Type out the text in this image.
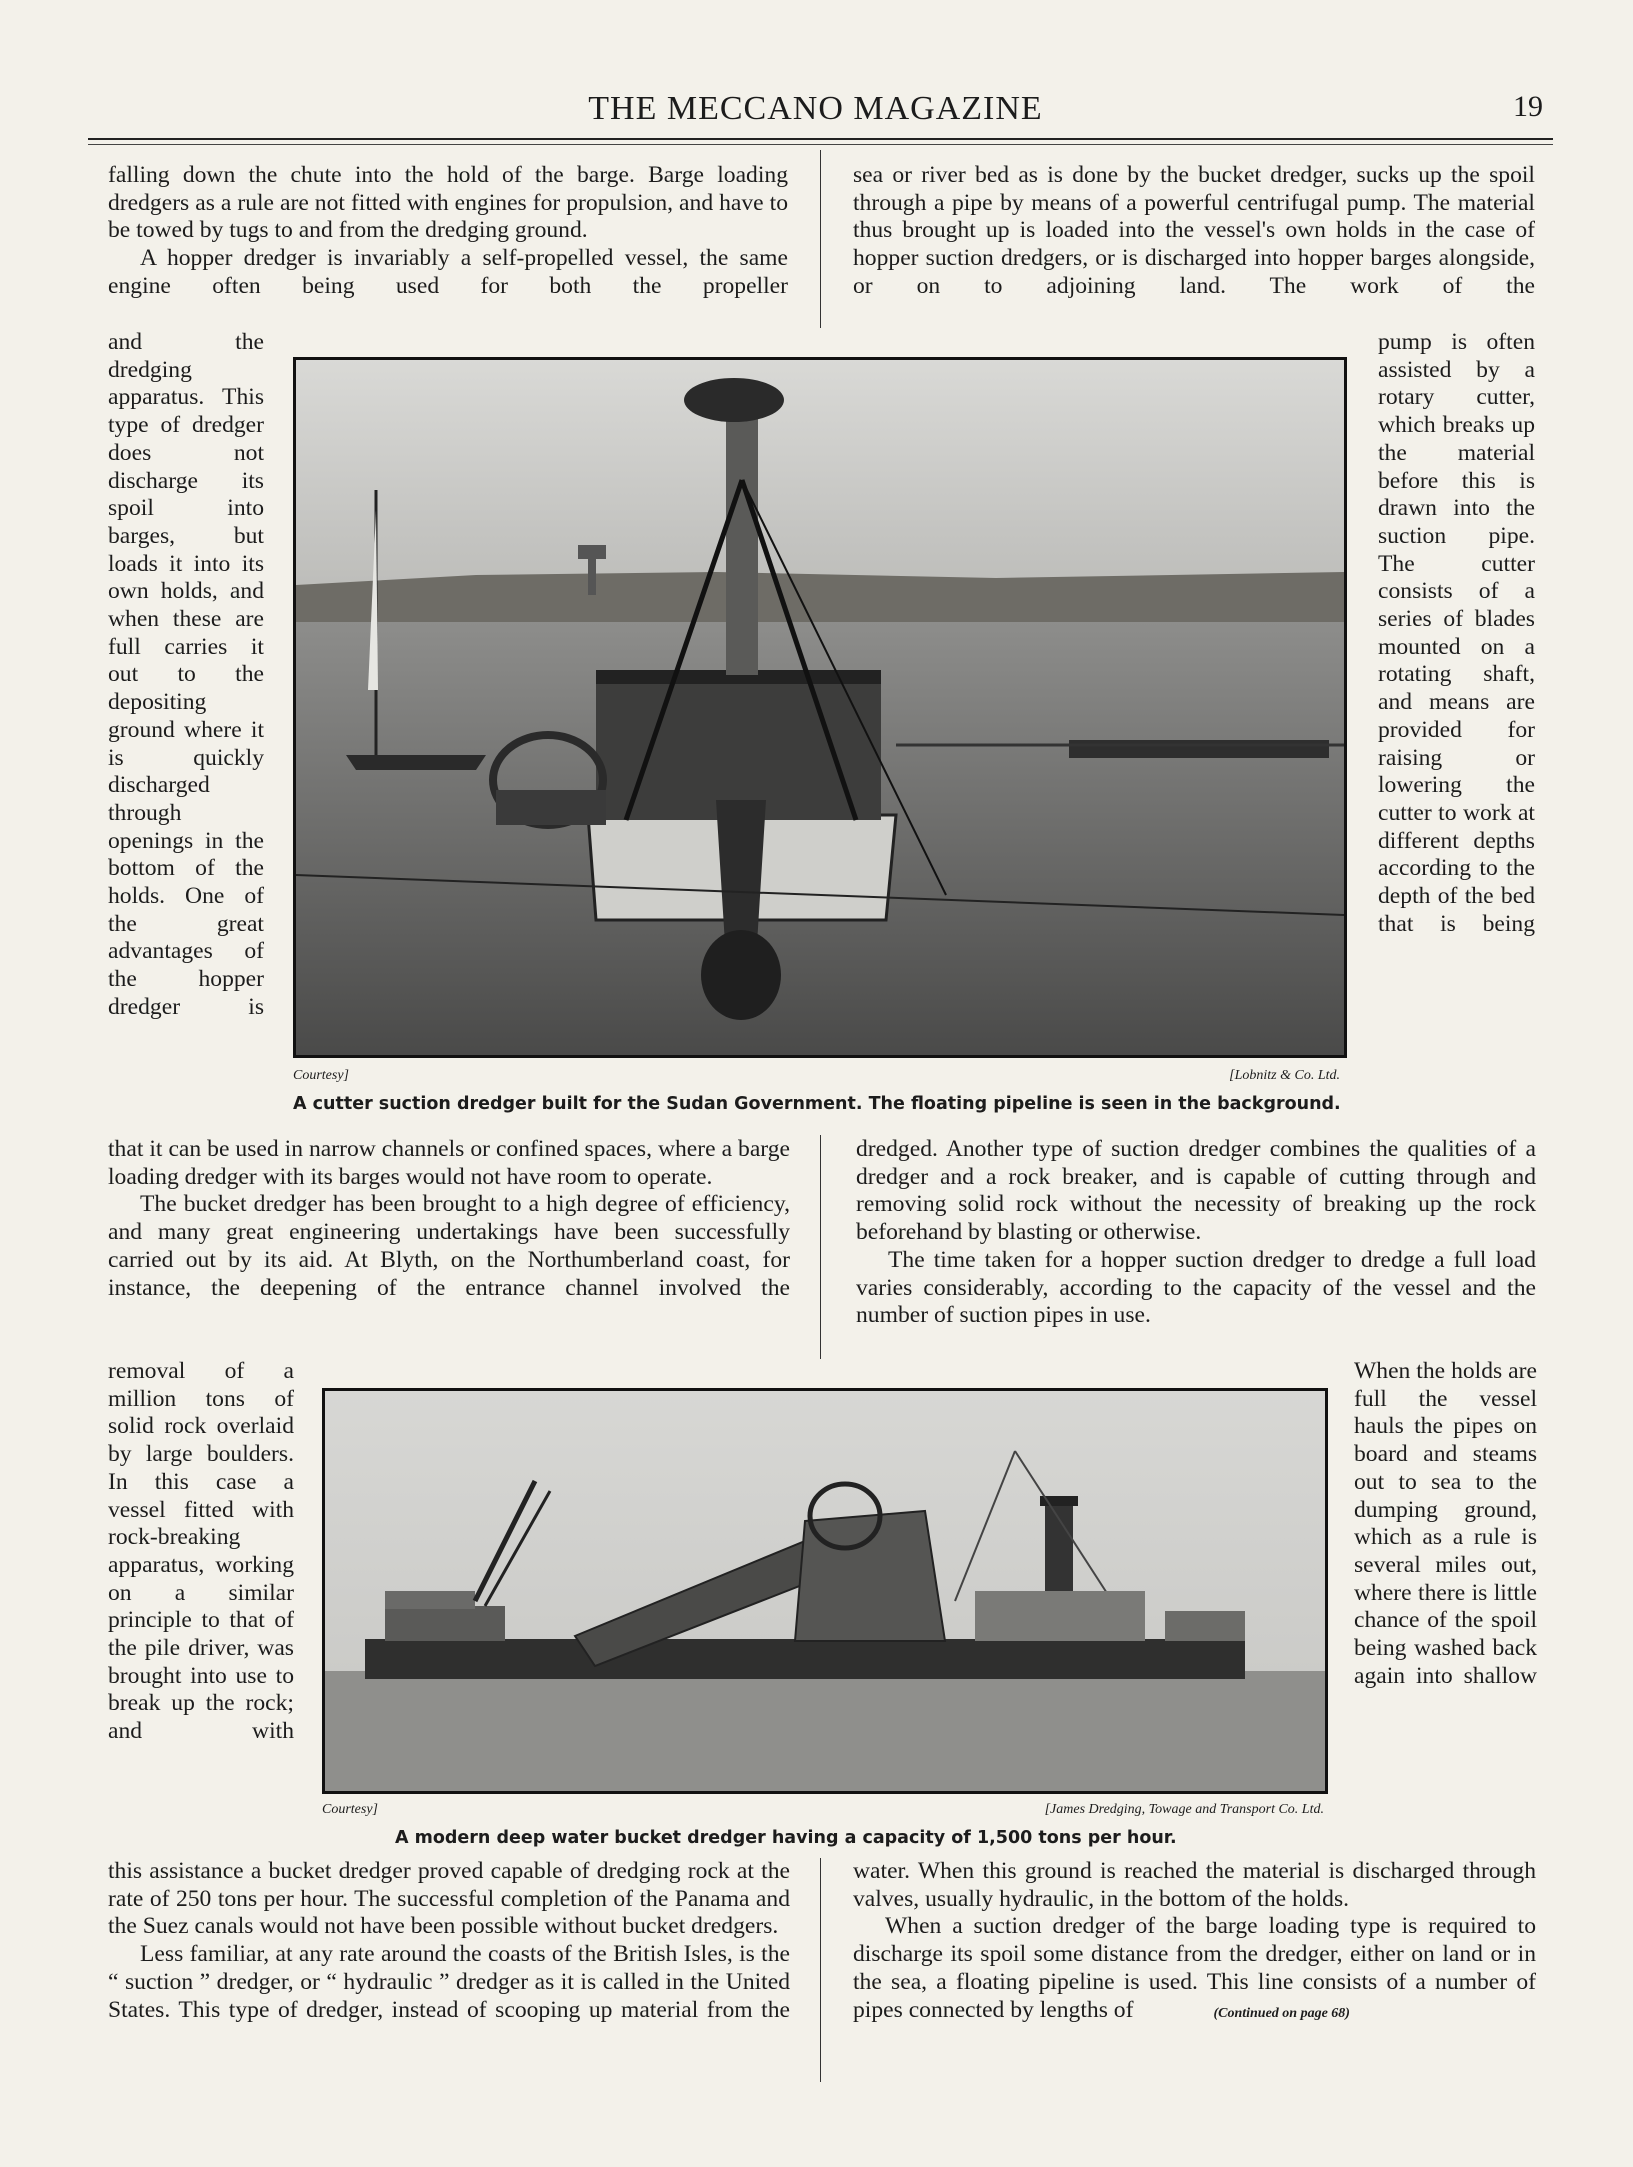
THE MECCANO MAGAZINE	19

falling down the chute into the hold of the barge. Barge loading dredgers as a rule are not fitted with engines for propulsion, and have to be towed by tugs to and from the dredging ground.

A hopper dredger is invariably a self-propelled vessel, the same engine often being used for both the propeller

sea or river bed as is done by the bucket dredger, sucks up the spoil through a pipe by means of a powerful centrifugal pump. The material thus brought up is loaded into the vessel's own holds in the case of hopper suction dredgers, or is discharged into hopper barges alongside, or on to adjoining land. The work of the

and the dredging apparatus. This type of dredger does not discharge its spoil into barges, but loads it into its own holds, and when these are full carries it out to the depositing ground where it is quickly discharged through openings in the bottom of the holds. One of the great advantages of the hopper dredger is

pump is often assisted by a rotary cutter, which breaks up the material before this is drawn into the suction pipe. The cutter consists of a series of blades mounted on a rotating shaft, and means are provided for raising or lowering the cutter to work at different depths according to the depth of the bed that is being

Courtesy]	[Lobnitz & Co. Ltd.
A cutter suction dredger built for the Sudan Government. The floating pipeline is seen in the background.

that it can be used in narrow channels or confined spaces, where a barge loading dredger with its barges would not have room to operate.

The bucket dredger has been brought to a high degree of efficiency, and many great engineering undertakings have been successfully carried out by its aid. At Blyth, on the Northumberland coast, for instance, the deepening of the entrance channel involved the

dredged. Another type of suction dredger combines the qualities of a dredger and a rock breaker, and is capable of cutting through and removing solid rock without the necessity of breaking up the rock beforehand by blasting or otherwise.

The time taken for a hopper suction dredger to dredge a full load varies considerably, according to the capacity of the vessel and the number of suction pipes in use.

removal of a million tons of solid rock overlaid by large boulders. In this case a vessel fitted with rock-breaking apparatus, working on a similar principle to that of the pile driver, was brought into use to break up the rock; and with

When the holds are full the vessel hauls the pipes on board and steams out to sea to the dumping ground, which as a rule is several miles out, where there is little chance of the spoil being washed back again into shallow

Courtesy]	[James Dredging, Towage and Transport Co. Ltd.
A modern deep water bucket dredger having a capacity of 1,500 tons per hour.

this assistance a bucket dredger proved capable of dredging rock at the rate of 250 tons per hour. The successful completion of the Panama and the Suez canals would not have been possible without bucket dredgers.

Less familiar, at any rate around the coasts of the British Isles, is the “ suction ” dredger, or “ hydraulic ” dredger as it is called in the United States. This type of dredger, instead of scooping up material from the

water. When this ground is reached the material is discharged through valves, usually hydraulic, in the bottom of the holds.

When a suction dredger of the barge loading type is required to discharge its spoil some distance from the dredger, either on land or in the sea, a floating pipeline is used. This line consists of a number of pipes connected by lengths of	(Continued on page 68)
